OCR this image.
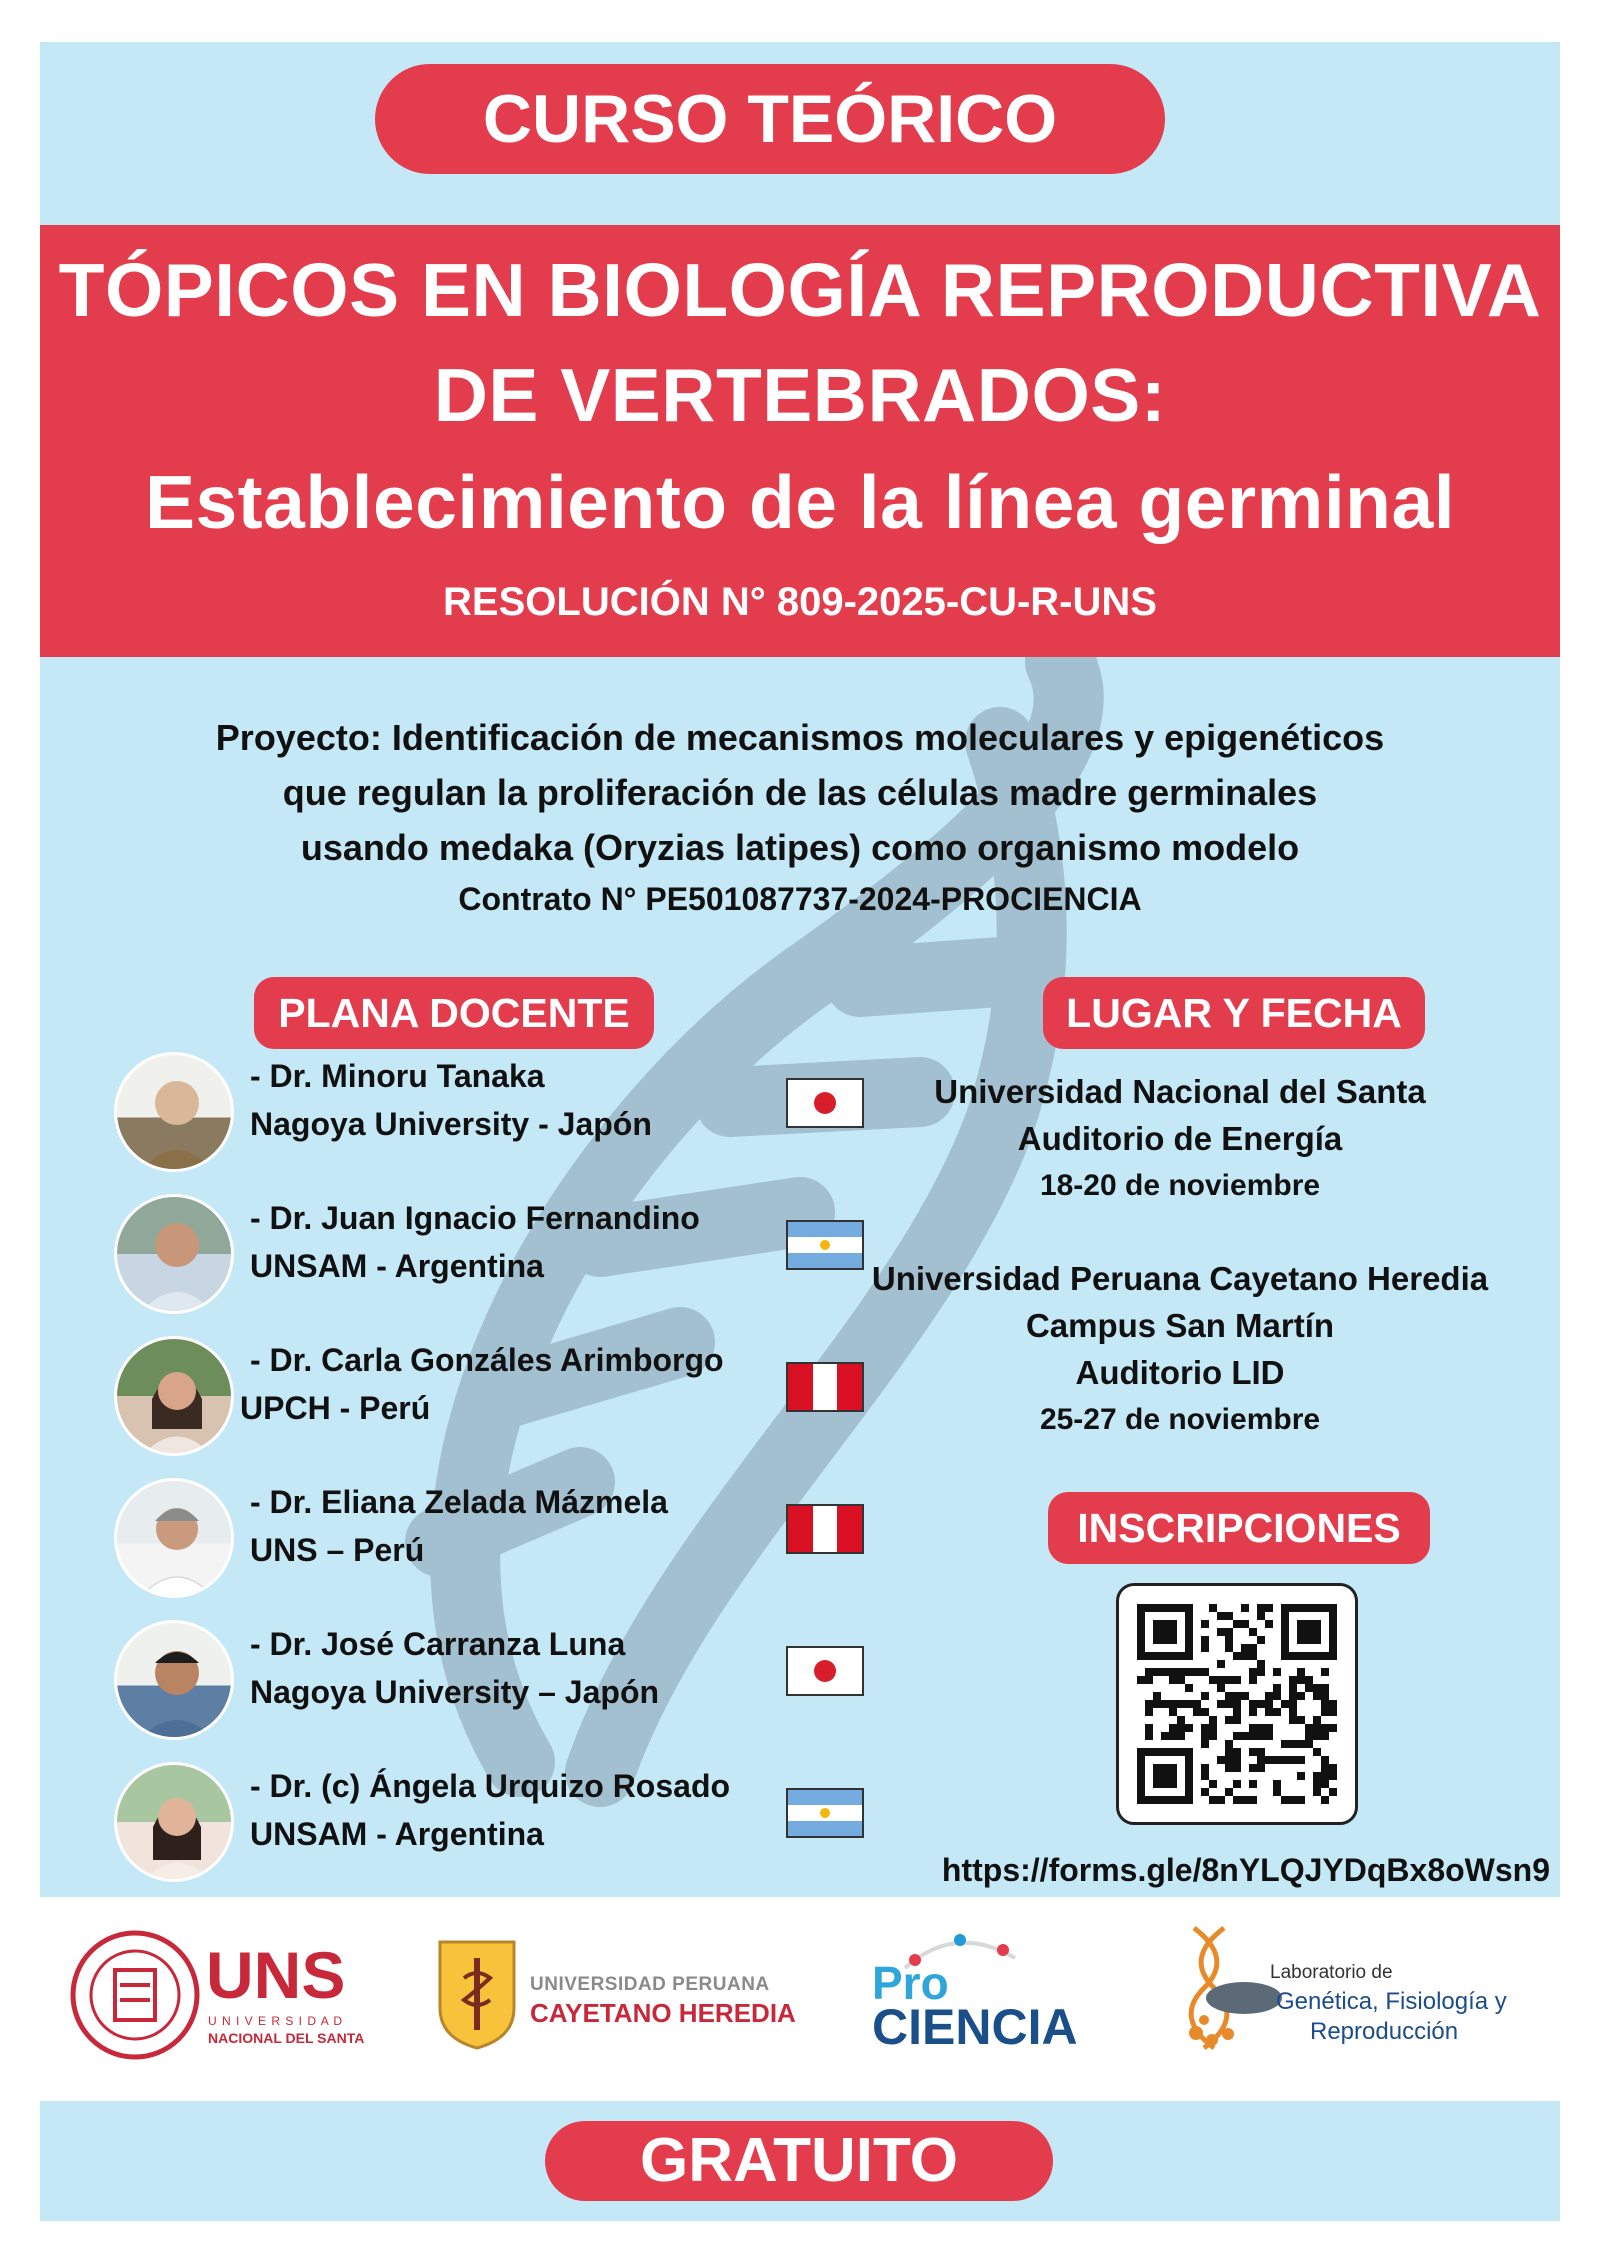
CURSO TEÓRICO
TÓPICOS EN BIOLOGÍA REPRODUCTIVA
DE VERTEBRADOS:
Establecimiento de la línea germinal
RESOLUCIÓN N° 809-2025-CU-R-UNS
Proyecto: Identificación de mecanismos moleculares y epigenéticos
que regulan la proliferación de las células madre germinales
usando medaka (Oryzias latipes) como organismo modelo
Contrato N° PE501087737-2024-PROCIENCIA
PLANA DOCENTE	LUGAR Y FECHA
- Dr. Minoru Tanaka
Nagoya University - Japón
- Dr. Juan Ignacio Fernandino
UNSAM - Argentina
- Dr. Carla Gonzáles Arimborgo
UPCH - Perú
- Dr. Eliana Zelada Mázmela
UNS – Perú
- Dr. José Carranza Luna
Nagoya University – Japón
- Dr. (c) Ángela Urquizo Rosado
UNSAM - Argentina
Universidad Nacional del Santa
Auditorio de Energía
18-20 de noviembre
Universidad Peruana Cayetano Heredia
Campus San Martín
Auditorio LID
25-27 de noviembre
INSCRIPCIONES
https://forms.gle/8nYLQJYDqBx8oWsn9
UNS
U N I V E R S I D A D
NACIONAL DEL SANTA
UNIVERSIDAD PERUANA
CAYETANO HEREDIA
Pro
CIENCIA
Laboratorio de
Genética, Fisiología y
Reproducción
GRATUITO
